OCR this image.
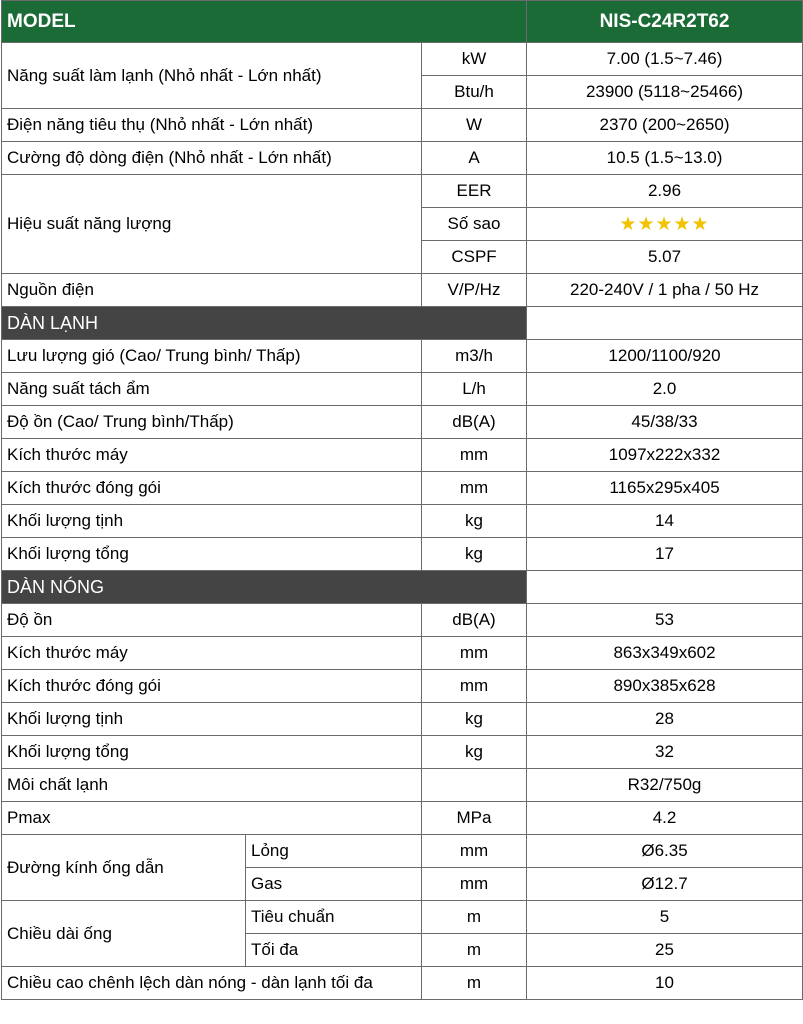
MODEL			NIS-C24R2T62
Năng suất làm lạnh (Nhỏ nhất - Lớn nhất)		kW	7.00 (1.5~7.46)
		Btu/h	23900 (5118~25466)
Điện năng tiêu thụ (Nhỏ nhất - Lớn nhất)		W	2370 (200~2650)
Cường độ dòng điện (Nhỏ nhất - Lớn nhất)		A	10.5 (1.5~13.0)
Hiệu suất năng lượng		EER	2.96
		Số sao	★★★★★
		CSPF	5.07
Nguồn điện		V/P/Hz	220-240V / 1 pha / 50 Hz
DÀN LẠNH			
Lưu lượng gió (Cao/ Trung bình/ Thấp)		m3/h	1200/1100/920
Năng suất tách ẩm		L/h	2.0
Độ ồn (Cao/ Trung bình/Thấp)		dB(A)	45/38/33
Kích thước máy		mm	1097x222x332
Kích thước đóng gói		mm	1165x295x405
Khối lượng tịnh		kg	14
Khối lượng tổng		kg	17
DÀN NÓNG			
Độ ồn		dB(A)	53
Kích thước máy		mm	863x349x602
Kích thước đóng gói		mm	890x385x628
Khối lượng tịnh		kg	28
Khối lượng tổng		kg	32
Môi chất lạnh			R32/750g
Pmax		MPa	4.2
Đường kính ống dẫn	Lỏng	mm	Ø6.35
	Gas	mm	Ø12.7
Chiều dài ống	Tiêu chuẩn	m	5
	Tối đa	m	25
Chiều cao chênh lệch dàn nóng - dàn lạnh tối đa		m	10
